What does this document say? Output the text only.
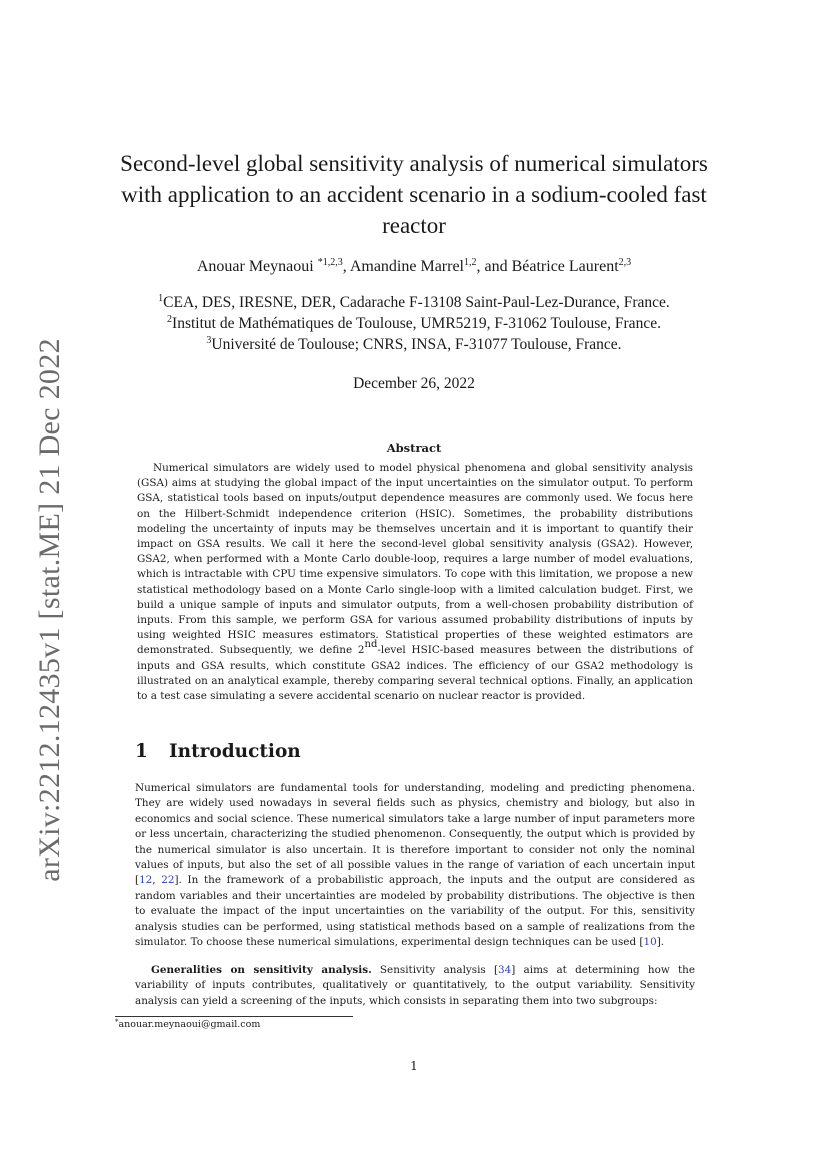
arXiv:2212.12435v1 [stat.ME] 21 Dec 2022
Second-level global sensitivity analysis of numerical simulators with application to an accident scenario in a sodium-cooled fast reactor
Anouar Meynaoui $^{*1,2,3}$, Amandine Marrel$^{1,2}$, and Béatrice Laurent$^{2,3}$
$^1$CEA, DES, IRESNE, DER, Cadarache F-13108 Saint-Paul-Lez-Durance, France.
$^2$Institut de Mathématiques de Toulouse, UMR5219, F-31062 Toulouse, France.
$^3$Université de Toulouse; CNRS, INSA, F-31077 Toulouse, France.
December 26, 2022
Abstract

Numerical simulators are widely used to model physical phenomena and global sensitivity analysis (GSA) aims at studying the global impact of the input uncertainties on the simulator output. To perform GSA, statistical tools based on inputs/output dependence measures are commonly used. We focus here on the Hilbert-Schmidt independence criterion (HSIC). Sometimes, the probability distributions modeling the uncertainty of inputs may be themselves uncertain and it is important to quantify their impact on GSA results. We call it here the second-level global sensitivity analysis (GSA2). However, GSA2, when performed with a Monte Carlo double-loop, requires a large number of model evaluations, which is intractable with CPU time expensive simulators. To cope with this limitation, we propose a new statistical methodology based on a Monte Carlo single-loop with a limited calculation budget. First, we build a unique sample of inputs and simulator outputs, from a well-chosen probability distribution of inputs. From this sample, we perform GSA for various assumed probability distributions of inputs by using weighted HSIC measures estimators. Statistical properties of these weighted estimators are demonstrated. Subsequently, we define 2nd-level HSIC-based measures between the distributions of inputs and GSA results, which constitute GSA2 indices. The efficiency of our GSA2 methodology is illustrated on an analytical example, thereby comparing several technical options. Finally, an application to a test case simulating a severe accidental scenario on nuclear reactor is provided.

1 Introduction

Numerical simulators are fundamental tools for understanding, modeling and predicting phenomena. They are widely used nowadays in several fields such as physics, chemistry and biology, but also in economics and social science. These numerical simulators take a large number of input parameters more or less uncertain, characterizing the studied phenomenon. Consequently, the output which is provided by the numerical simulator is also uncertain. It is therefore important to consider not only the nominal values of inputs, but also the set of all possible values in the range of variation of each uncertain input [12, 22]. In the framework of a probabilistic approach, the inputs and the output are considered as random variables and their uncertainties are modeled by probability distributions. The objective is then to evaluate the impact of the input uncertainties on the variability of the output. For this, sensitivity analysis studies can be performed, using statistical methods based on a sample of realizations from the simulator. To choose these numerical simulations, experimental design techniques can be used [10].

Generalities on sensitivity analysis. Sensitivity analysis [34] aims at determining how the variability of inputs contributes, qualitatively or quantitatively, to the output variability. Sensitivity analysis can yield a screening of the inputs, which consists in separating them into two subgroups:

*anouar.meynaoui@gmail.com
1
